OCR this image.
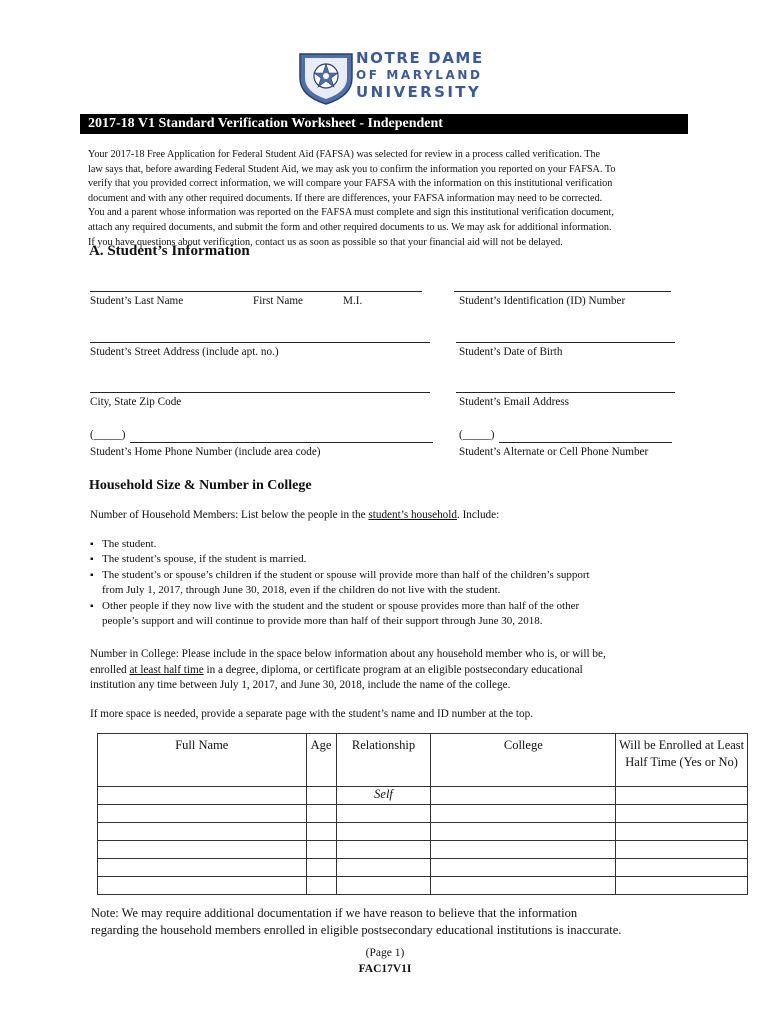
NOTRE DAME
OF MARYLAND
UNIVERSITY
2017-18 V1 Standard Verification Worksheet - Independent
Your 2017-18 Free Application for Federal Student Aid (FAFSA) was selected for review in a process called verification. The
law says that, before awarding Federal Student Aid, we may ask you to confirm the information you reported on your FAFSA. To
verify that you provided correct information, we will compare your FAFSA with the information on this institutional verification
document and with any other required documents. If there are differences, your FAFSA information may need to be corrected.
You and a parent whose information was reported on the FAFSA must complete and sign this institutional verification document,
attach any required documents, and submit the form and other required documents to us. We may ask for additional information.
If you have questions about verification, contact us as soon as possible so that your financial aid will not be delayed.
A. Student’s Information
Student’s Last Name	First Name	M.I.	Student’s Identification (ID) Number
Student’s Street Address (include apt. no.)	Student’s Date of Birth
City, State Zip Code	Student’s Email Address
(_____)	(_____)
Student’s Home Phone Number (include area code)	Student’s Alternate or Cell Phone Number
Household Size & Number in College
Number of Household Members: List below the people in the student’s household. Include:
▪ The student.
▪ The student’s spouse, if the student is married.
▪ The student’s or spouse’s children if the student or spouse will provide more than half of the children’s support
from July 1, 2017, through June 30, 2018, even if the children do not live with the student.
▪ Other people if they now live with the student and the student or spouse provides more than half of the other
people’s support and will continue to provide more than half of their support through June 30, 2018.
Number in College: Please include in the space below information about any household member who is, or will be,
enrolled at least half time in a degree, diploma, or certificate program at an eligible postsecondary educational
institution any time between July 1, 2017, and June 30, 2018, include the name of the college.
If more space is needed, provide a separate page with the student’s name and ID number at the top.
Full Name	Age	Relationship	College	Will be Enrolled at Least Half Time (Yes or No)
		Self		

Note: We may require additional documentation if we have reason to believe that the information
regarding the household members enrolled in eligible postsecondary educational institutions is inaccurate.
(Page 1)
FAC17V1I
